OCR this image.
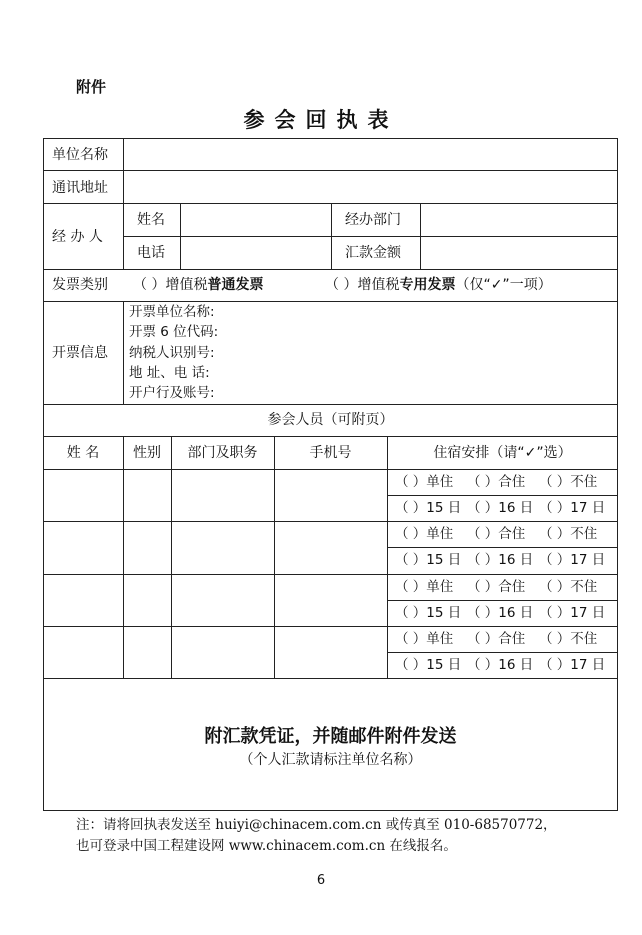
附件
参会回执表
单位名称
通讯地址
经 办 人
姓名	经办部门
电话	汇款金额
发票类别 （ ）增值税普通发票	（ ）增值税专用发票（仅“✓”一项）
开票信息
开票单位名称:
开票 6 位代码:
纳税人识别号:
地 址、电 话:
开户行及账号:
参会人员（可附页）
姓 名	性别	部门及职务	手机号	住宿安排（请“✓”选）
（ ）单住 （ ）合住 （ ）不住
（ ）15 日 （ ）16 日 （ ）17 日
（ ）单住 （ ）合住 （ ）不住
（ ）15 日 （ ）16 日 （ ）17 日
（ ）单住 （ ）合住 （ ）不住
（ ）15 日 （ ）16 日 （ ）17 日
（ ）单住 （ ）合住 （ ）不住
（ ）15 日 （ ）16 日 （ ）17 日
附汇款凭证，并随邮件附件发送
（个人汇款请标注单位名称）
注：请将回执表发送至 huiyi@chinacem.com.cn 或传真至 010-68570772，
也可登录中国工程建设网 www.chinacem.com.cn 在线报名。
6
